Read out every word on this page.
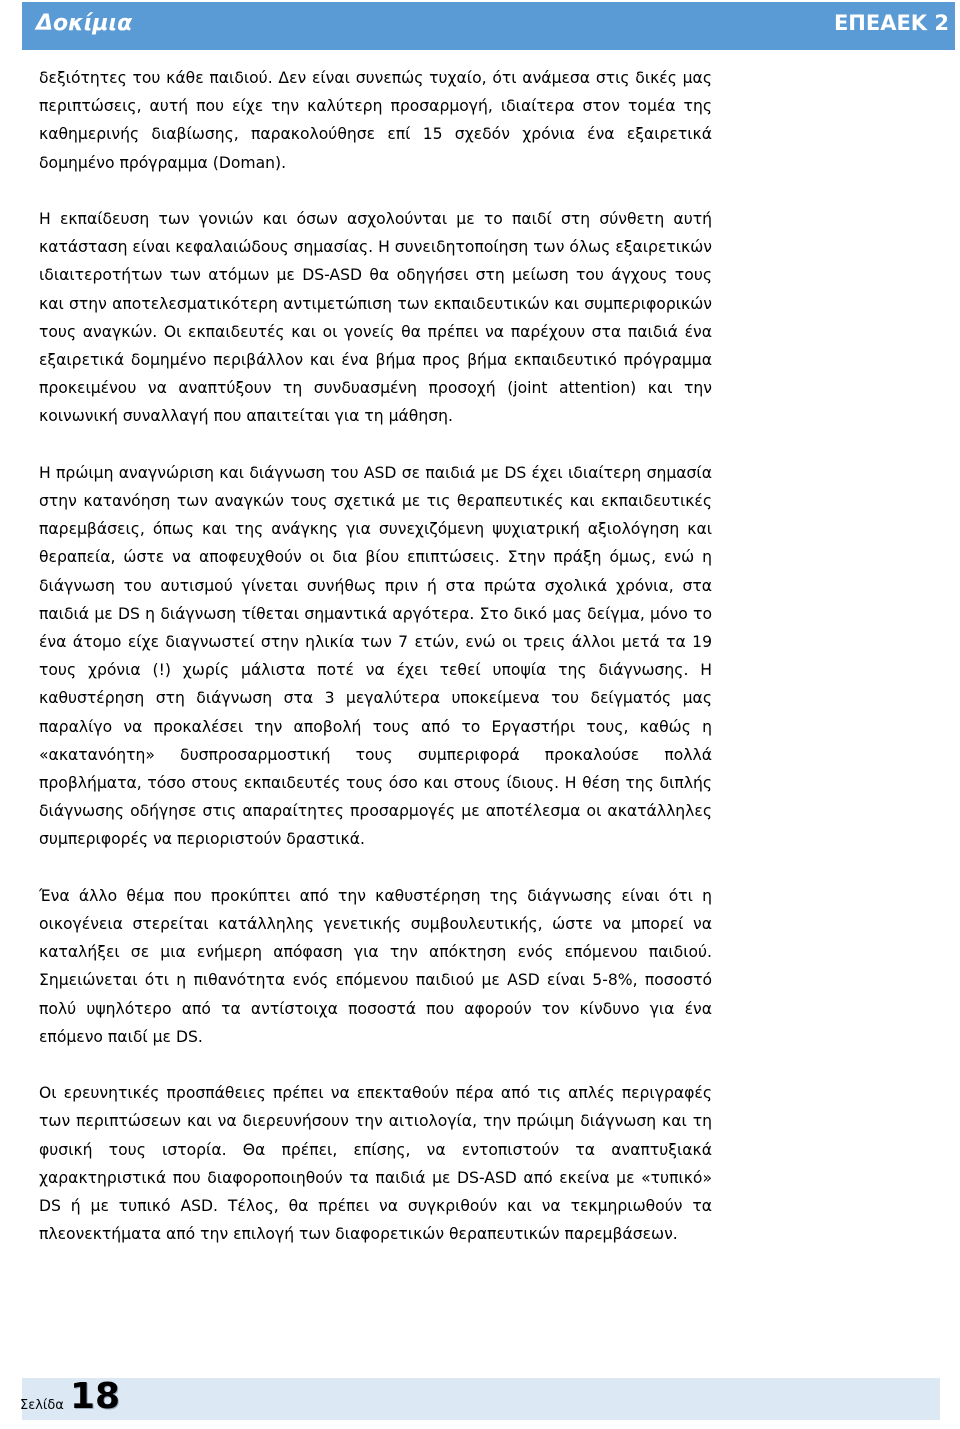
Δοκίμια	ΕΠΕΑΕΚ 2

δεξιότητες του κάθε παιδιού. Δεν είναι συνεπώς τυχαίο, ότι ανάμεσα στις δικές μας περιπτώσεις, αυτή που είχε την καλύτερη προσαρμογή, ιδιαίτερα στον τομέα της καθημερινής διαβίωσης, παρακολούθησε επί 15 σχεδόν χρόνια ένα εξαιρετικά δομημένο πρόγραμμα (Doman).

Η εκπαίδευση των γονιών και όσων ασχολούνται με το παιδί στη σύνθετη αυτή κατάσταση είναι κεφαλαιώδους σημασίας. Η συνειδητοποίηση των όλως εξαιρετικών ιδιαιτεροτήτων των ατόμων με DS-ASD θα οδηγήσει στη μείωση του άγχους τους και στην αποτελεσματικότερη αντιμετώπιση των εκπαιδευτικών και συμπεριφορικών τους αναγκών. Οι εκπαιδευτές και οι γονείς θα πρέπει να παρέχουν στα παιδιά ένα εξαιρετικά δομημένο περιβάλλον και ένα βήμα προς βήμα εκπαιδευτικό πρόγραμμα προκειμένου να αναπτύξουν τη συνδυασμένη προσοχή (joint attention) και την κοινωνική συναλλαγή που απαιτείται για τη μάθηση.

Η πρώιμη αναγνώριση και διάγνωση του ASD σε παιδιά με DS έχει ιδιαίτερη σημασία στην κατανόηση των αναγκών τους σχετικά με τις θεραπευτικές και εκπαιδευτικές παρεμβάσεις, όπως και της ανάγκης για συνεχιζόμενη ψυχιατρική αξιολόγηση και θεραπεία, ώστε να αποφευχθούν οι δια βίου επιπτώσεις. Στην πράξη όμως, ενώ η διάγνωση του αυτισμού γίνεται συνήθως πριν ή στα πρώτα σχολικά χρόνια, στα παιδιά με DS η διάγνωση τίθεται σημαντικά αργότερα. Στο δικό μας δείγμα, μόνο το ένα άτομο είχε διαγνωστεί στην ηλικία των 7 ετών, ενώ οι τρεις άλλοι μετά τα 19 τους χρόνια (!) χωρίς μάλιστα ποτέ να έχει τεθεί υποψία της διάγνωσης. Η καθυστέρηση στη διάγνωση στα 3 μεγαλύτερα υποκείμενα του δείγματός μας παραλίγο να προκαλέσει την αποβολή τους από το Εργαστήρι τους, καθώς η «ακατανόητη» δυσπροσαρμοστική τους συμπεριφορά προκαλούσε πολλά προβλήματα, τόσο στους εκπαιδευτές τους όσο και στους ίδιους. Η θέση της διπλής διάγνωσης οδήγησε στις απαραίτητες προσαρμογές με αποτέλεσμα οι ακατάλληλες συμπεριφορές να περιοριστούν δραστικά.

Ένα άλλο θέμα που προκύπτει από την καθυστέρηση της διάγνωσης είναι ότι η οικογένεια στερείται κατάλληλης γενετικής συμβουλευτικής, ώστε να μπορεί να καταλήξει σε μια ενήμερη απόφαση για την απόκτηση ενός επόμενου παιδιού. Σημειώνεται ότι η πιθανότητα ενός επόμενου παιδιού με ASD είναι 5-8%, ποσοστό πολύ υψηλότερο από τα αντίστοιχα ποσοστά που αφορούν τον κίνδυνο για ένα επόμενο παιδί με DS.

Οι ερευνητικές προσπάθειες πρέπει να επεκταθούν πέρα από τις απλές περιγραφές των περιπτώσεων και να διερευνήσουν την αιτιολογία, την πρώιμη διάγνωση και τη φυσική τους ιστορία. Θα πρέπει, επίσης, να εντοπιστούν τα αναπτυξιακά χαρακτηριστικά που διαφοροποιηθούν τα παιδιά με DS-ASD από εκείνα με «τυπικό» DS ή με τυπικό ASD. Τέλος, θα πρέπει να συγκριθούν και να τεκμηριωθούν τα πλεονεκτήματα από την επιλογή των διαφορετικών θεραπευτικών παρεμβάσεων.

Σελίδα 18
